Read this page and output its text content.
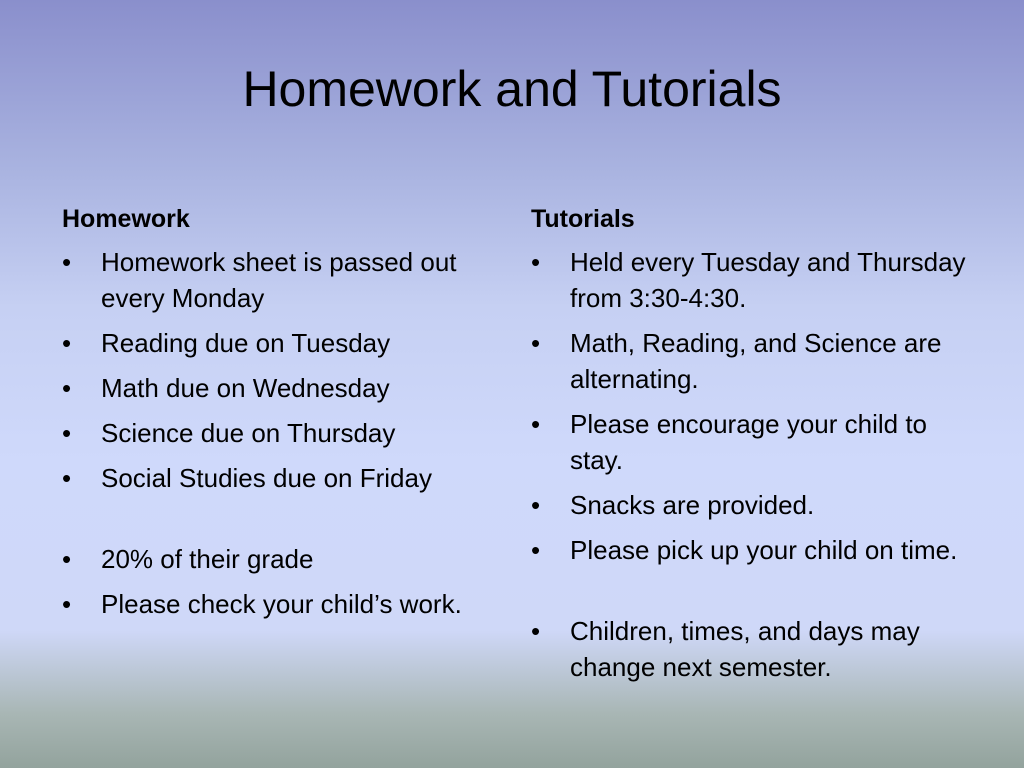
Homework and Tutorials
Homework
•	Homework sheet is passed out every Monday
•	Reading due on Tuesday
•	Math due on Wednesday
•	Science due on Thursday
•	Social Studies due on Friday
•	20% of their grade
•	Please check your child’s work.
Tutorials
•	Held every Tuesday and Thursday from 3:30-4:30.
•	Math, Reading, and Science are alternating.
•	Please encourage your child to stay.
•	Snacks are provided.
•	Please pick up your child on time.
•	Children, times, and days may change next semester.
